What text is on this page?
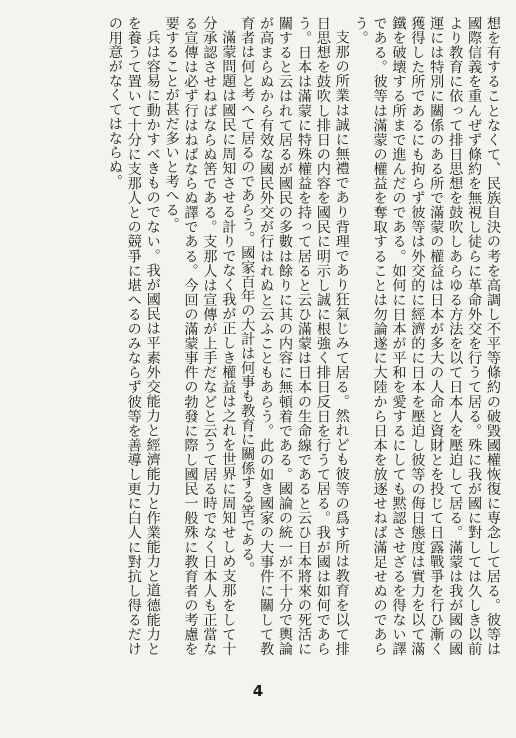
想を有することなくて、民族自決の考を高調し不平等條約の破毀國權恢復に専念して居る。彼等は國際信義を重んぜず條約を無視し徒らに革命外交を行うて居る。殊に我が國に對しては久しき以前より教育に依って排日思想を鼓吹しあらゆる方法を以て日本人を壓迫して居る。滿蒙は我が國の國運には特別に關係のある所で滿蒙の權益は日本が多大の人命と資財とを投じて日露戰爭を行ひ漸く獲得した所であるにも拘らず彼等は外交的に經濟的に日本を壓迫し彼等の侮日態度は實力を以て滿鐵を破壊する所まで進んだのである。如何に日本が平和を愛するにしても黙認させざるを得ない譯である。彼等は滿蒙の權益を奪取することは勿論遂に大陸から日本を放逐せねば滿足せぬのであらう。

支那の所業は誠に無禮であり背理であり狂氣じみて居る。然れども彼等の爲す所は教育を以て排日思想を鼓吹し排日の内容を國民に明示し誠に根強く排日反日を行うて居る。我が國は如何であらう。日本は滿蒙に特殊權益を持って居ると云ひ滿蒙は日本の生命線であると云ひ日本將來の死活に關すると云はれて居るが國民の多數は餘りに其の内容に無頓着である。國論の統一が不十分で輿論が高まらぬから有效な國民外交が行はれぬと云ふこともあらう。此の如き國家の大事件に關して教育者は何と考へて居るのであらう。國家百年の大計は何事も教育に關係する筈である。

滿蒙問題は國民に周知させる計りでなく我が正しき權益は之れを世界に周知せしめ支那をして十分承認させねばならぬ筈である。支那人は宣傳が上手だなどと云うて居る時でなく日本人も正當なる宣傳は必ず行はねばならぬ譯である。今回の滿蒙事件の勃發に際し國民一般殊に教育者の考慮を要することが甚だ多いと考へる。

兵は容易に動かすべきものでない。我が國民は平素外交能力と經濟能力と作業能力と道德能力とを養うて置いて十分に支那人との競爭に堪へるのみならず彼等を善導し更に白人に對抗し得るだけの用意がなくてはならぬ。

4
